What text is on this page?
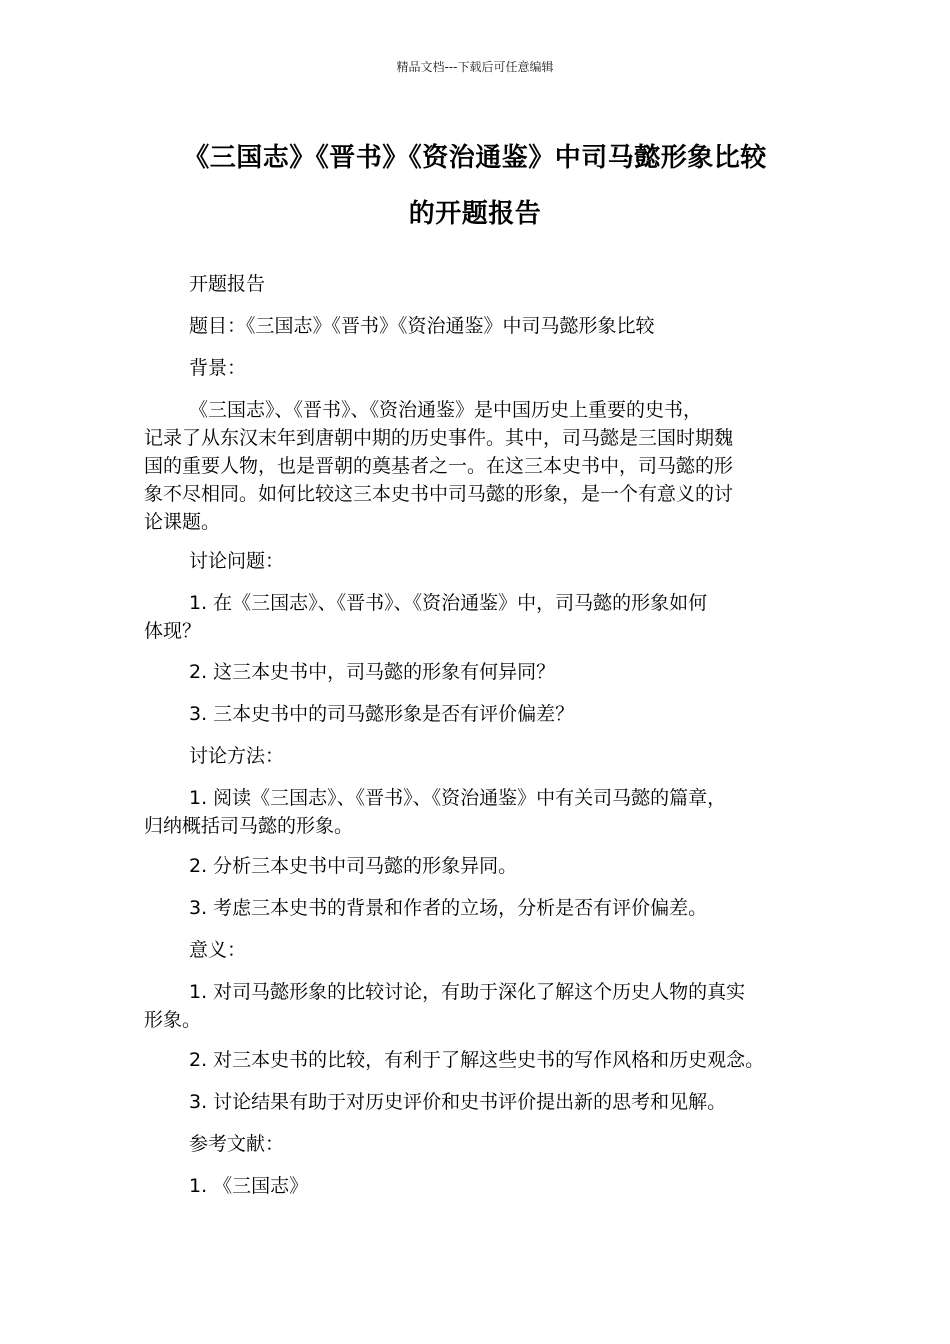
精品文档---下载后可任意编辑
《三国志》《晋书》《资治通鉴》中司马懿形象比较
的开题报告
开题报告
题目：《三国志》《晋书》《资治通鉴》中司马懿形象比较
背景：
《三国志》、《晋书》、《资治通鉴》是中国历史上重要的史书，
记录了从东汉末年到唐朝中期的历史事件。其中，司马懿是三国时期魏
国的重要人物，也是晋朝的奠基者之一。在这三本史书中，司马懿的形
象不尽相同。如何比较这三本史书中司马懿的形象，是一个有意义的讨
论课题。
讨论问题：
1. 在《三国志》、《晋书》、《资治通鉴》中，司马懿的形象如何
体现？
2. 这三本史书中，司马懿的形象有何异同？
3. 三本史书中的司马懿形象是否有评价偏差？
讨论方法：
1. 阅读《三国志》、《晋书》、《资治通鉴》中有关司马懿的篇章，
归纳概括司马懿的形象。
2. 分析三本史书中司马懿的形象异同。
3. 考虑三本史书的背景和作者的立场，分析是否有评价偏差。
意义：
1. 对司马懿形象的比较讨论，有助于深化了解这个历史人物的真实
形象。
2. 对三本史书的比较，有利于了解这些史书的写作风格和历史观念。
3. 讨论结果有助于对历史评价和史书评价提出新的思考和见解。
参考文献：
1. 《三国志》
